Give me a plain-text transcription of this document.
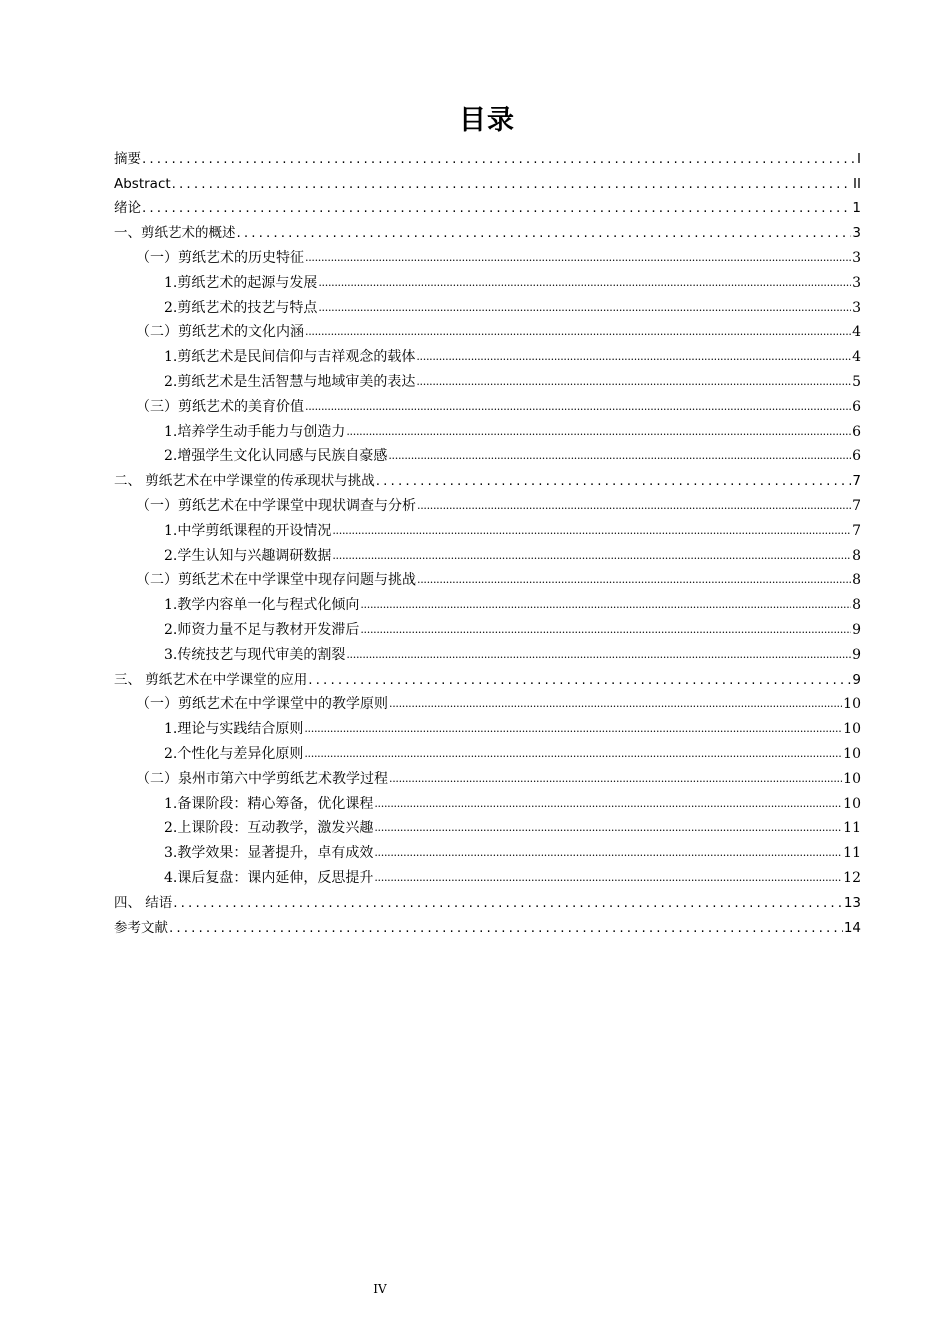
目录
摘要 . . .	I
Abstract . . .	II
绪论 . . .	1
一、剪纸艺术的概述 . . .	3
（一）剪纸艺术的历史特征 .....	3
1.剪纸艺术的起源与发展 .....	3
2.剪纸艺术的技艺与特点 .....	3
（二）剪纸艺术的文化内涵 .....	4
1.剪纸艺术是民间信仰与吉祥观念的载体 .....	4
2.剪纸艺术是生活智慧与地域审美的表达 .....	5
（三）剪纸艺术的美育价值 .....	6
1.培养学生动手能力与创造力 .....	6
2.增强学生文化认同感与民族自豪感 .....	6
二、 剪纸艺术在中学课堂的传承现状与挑战 . . .	7
（一）剪纸艺术在中学课堂中现状调查与分析 .....	7
1.中学剪纸课程的开设情况 .....	7
2.学生认知与兴趣调研数据 .....	8
（二）剪纸艺术在中学课堂中现存问题与挑战 .....	8
1.教学内容单一化与程式化倾向 .....	8
2.师资力量不足与教材开发滞后 .....	9
3.传统技艺与现代审美的割裂 .....	9
三、 剪纸艺术在中学课堂的应用 . . .	9
（一）剪纸艺术在中学课堂中的教学原则 .....	10
1.理论与实践结合原则 .....	10
2.个性化与差异化原则 .....	10
（二）泉州市第六中学剪纸艺术教学过程 .....	10
1.备课阶段：精心筹备，优化课程 .....	10
2.上课阶段：互动教学，激发兴趣 .....	11
3.教学效果：显著提升，卓有成效 .....	11
4.课后复盘：课内延伸，反思提升 .....	12
四、 结语 . . .	13
参考文献 . . .	14
IV
